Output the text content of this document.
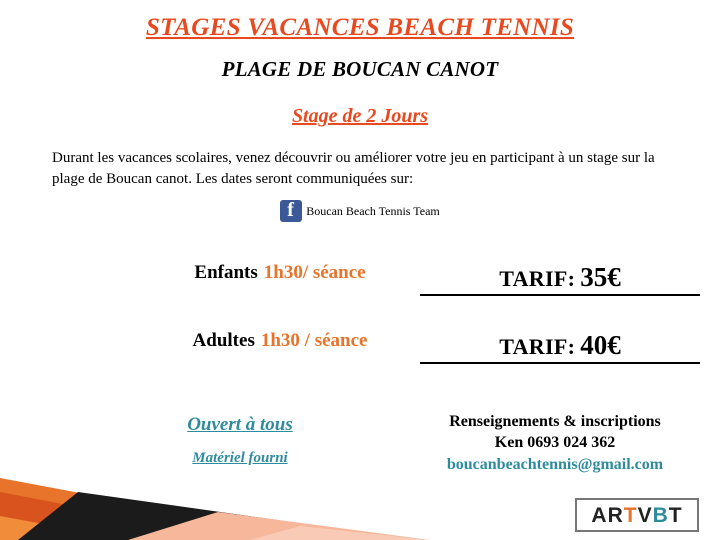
STAGES VACANCES BEACH TENNIS
PLAGE DE BOUCAN CANOT
Stage de 2 Jours
Durant les vacances scolaires, venez découvrir ou améliorer votre jeu en participant à un stage sur la plage de Boucan canot. Les dates seront communiquées sur:
f
Boucan Beach Tennis Team
Enfants 1h30/ séance	TARIF: 35€
Adultes 1h30 / séance	TARIF: 40€
Ouvert à tous
Matériel fourni
Renseignements & inscriptions
Ken 0693 024 362
boucanbeachtennis@gmail.com
ARTVBT
